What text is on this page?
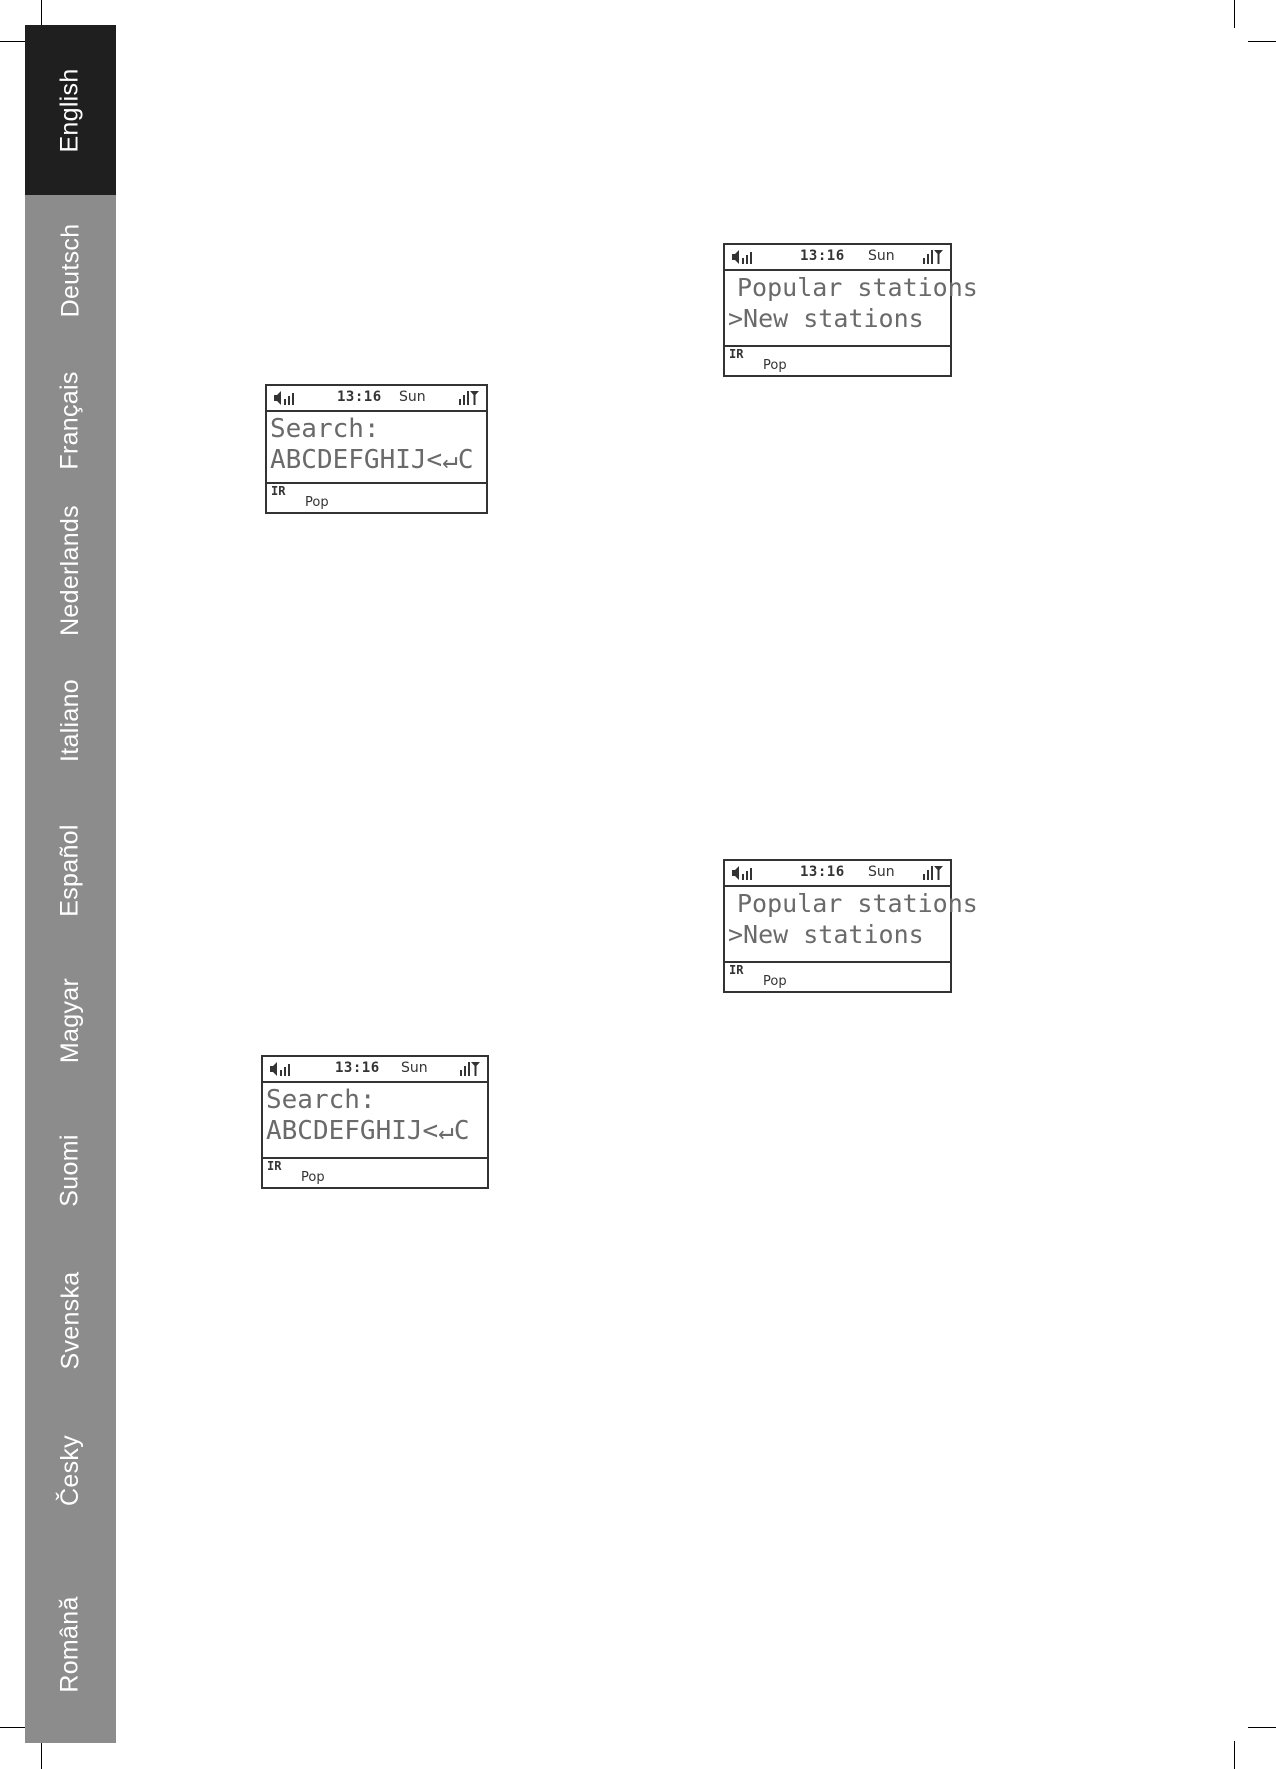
English
Deutsch
Français
Nederlands
Italiano
Español
Magyar
Suomi
Svenska
Česky
Română
13:16 Sun
Search:
ABCDEFGHIJ<↵C
IR
Pop
13:16 Sun
Popular stations
>New stations
IR
Pop
13:16 Sun
Popular stations
>New stations
IR
Pop
13:16 Sun
Search:
ABCDEFGHIJ<↵C
IR
Pop
